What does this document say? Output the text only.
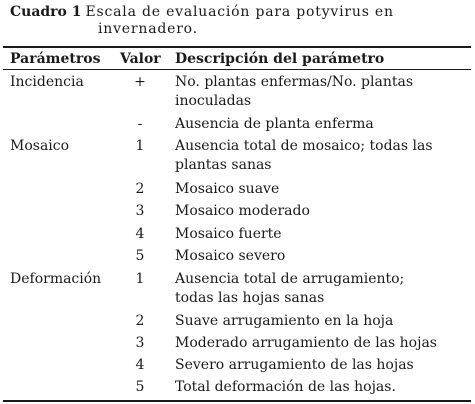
Cuadro 1 Escala de evaluación para potyvirus en
invernadero.
Parámetros Valor Descripción del parámetro
Incidencia	+	No. plantas enfermas/No. plantas
inoculadas
-	Ausencia de planta enferma
Mosaico	1	Ausencia total de mosaico; todas las
plantas sanas
2	Mosaico suave
3	Mosaico moderado
4	Mosaico fuerte
5	Mosaico severo
Deformación	1	Ausencia total de arrugamiento;
todas las hojas sanas
2	Suave arrugamiento en la hoja
3	Moderado arrugamiento de las hojas
4	Severo arrugamiento de las hojas
5	Total deformación de las hojas.
